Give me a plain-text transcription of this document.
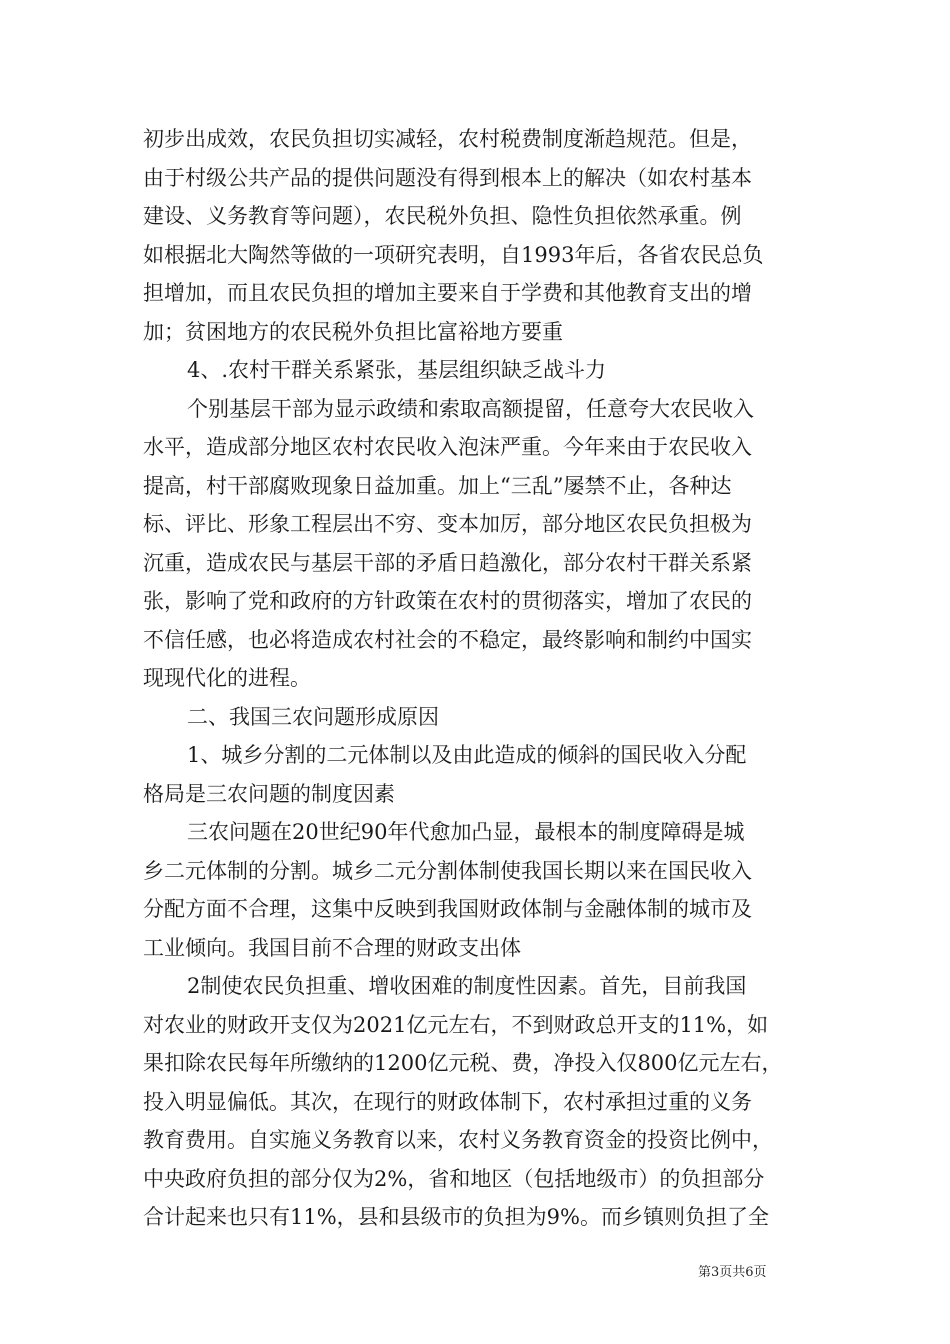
初步出成效，农民负担切实减轻，农村税费制度渐趋规范。但是，
由于村级公共产品的提供问题没有得到根本上的解决（如农村基本
建设、义务教育等问题），农民税外负担、隐性负担依然承重。例
如根据北大陶然等做的一项研究表明，自1993年后，各省农民总负
担增加，而且农民负担的增加主要来自于学费和其他教育支出的增
加；贫困地方的农民税外负担比富裕地方要重
4、.农村干群关系紧张，基层组织缺乏战斗力
个别基层干部为显示政绩和索取高额提留，任意夸大农民收入
水平，造成部分地区农村农民收入泡沫严重。今年来由于农民收入
提高，村干部腐败现象日益加重。加上“三乱”屡禁不止，各种达
标、评比、形象工程层出不穷、变本加厉，部分地区农民负担极为
沉重，造成农民与基层干部的矛盾日趋激化，部分农村干群关系紧
张，影响了党和政府的方针政策在农村的贯彻落实，增加了农民的
不信任感，也必将造成农村社会的不稳定，最终影响和制约中国实
现现代化的进程。
二、我国三农问题形成原因
1、城乡分割的二元体制以及由此造成的倾斜的国民收入分配
格局是三农问题的制度因素
三农问题在20世纪90年代愈加凸显，最根本的制度障碍是城
乡二元体制的分割。城乡二元分割体制使我国长期以来在国民收入
分配方面不合理，这集中反映到我国财政体制与金融体制的城市及
工业倾向。我国目前不合理的财政支出体
2制使农民负担重、增收困难的制度性因素。首先，目前我国
对农业的财政开支仅为2021亿元左右，不到财政总开支的11%，如
果扣除农民每年所缴纳的1200亿元税、费，净投入仅800亿元左右，
投入明显偏低。其次，在现行的财政体制下，农村承担过重的义务
教育费用。自实施义务教育以来，农村义务教育资金的投资比例中，
中央政府负担的部分仅为2%，省和地区（包括地级市）的负担部分
合计起来也只有11%，县和县级市的负担为9%。而乡镇则负担了全
第3页共6页
